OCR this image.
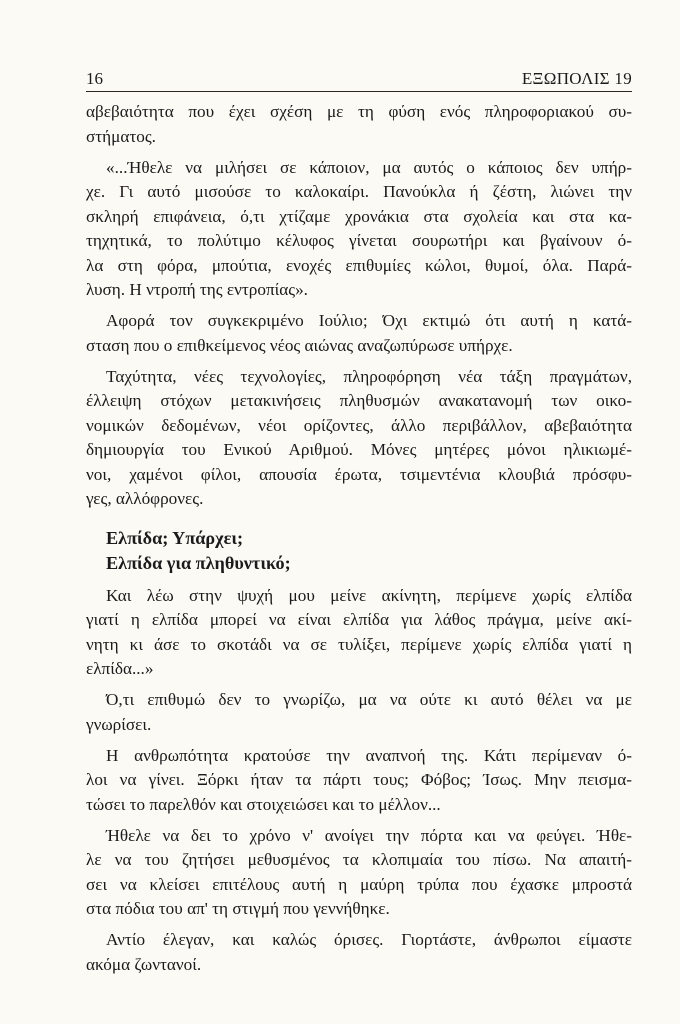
16	ΕΞΩΠΟΛΙΣ 19
αβεβαιότητα που έχει σχέση με τη φύση ενός πληροφοριακού συ-
στήματος.
«...Ήθελε να μιλήσει σε κάποιον, μα αυτός ο κάποιος δεν υπήρ-
χε. Γι αυτό μισούσε το καλοκαίρι. Πανούκλα ή ζέστη, λιώνει την
σκληρή επιφάνεια, ό,τι χτίζαμε χρονάκια στα σχολεία και στα κα-
τηχητικά, το πολύτιμο κέλυφος γίνεται σουρωτήρι και βγαίνουν ό-
λα στη φόρα, μπούτια, ενοχές επιθυμίες κώλοι, θυμοί, όλα. Παρά-
λυση. Η ντροπή της εντροπίας».
Αφορά τον συγκεκριμένο Ιούλιο; Όχι εκτιμώ ότι αυτή η κατά-
σταση που ο επιθκείμενος νέος αιώνας αναζωπύρωσε υπήρχε.
Ταχύτητα, νέες τεχνολογίες, πληροφόρηση νέα τάξη πραγμάτων,
έλλειψη στόχων μετακινήσεις πληθυσμών ανακατανομή των οικο-
νομικών δεδομένων, νέοι ορίζοντες, άλλο περιβάλλον, αβεβαιότητα
δημιουργία του Ενικού Αριθμού. Μόνες μητέρες μόνοι ηλικιωμέ-
νοι, χαμένοι φίλοι, απουσία έρωτα, τσιμεντένια κλουβιά πρόσφυ-
γες, αλλόφρονες.
Ελπίδα; Υπάρχει;
Ελπίδα για πληθυντικό;
Και λέω στην ψυχή μου μείνε ακίνητη, περίμενε χωρίς ελπίδα
γιατί η ελπίδα μπορεί να είναι ελπίδα για λάθος πράγμα, μείνε ακί-
νητη κι άσε το σκοτάδι να σε τυλίξει, περίμενε χωρίς ελπίδα γιατί η
ελπίδα...»
Ό,τι επιθυμώ δεν το γνωρίζω, μα να ούτε κι αυτό θέλει να με
γνωρίσει.
Η ανθρωπότητα κρατούσε την αναπνοή της. Κάτι περίμεναν ό-
λοι να γίνει. Ξόρκι ήταν τα πάρτι τους; Φόβος; Ίσως. Μην πεισμα-
τώσει το παρελθόν και στοιχειώσει και το μέλλον...
Ήθελε να δει το χρόνο ν' ανοίγει την πόρτα και να φεύγει. Ήθε-
λε να του ζητήσει μεθυσμένος τα κλοπιμαία του πίσω. Να απαιτή-
σει να κλείσει επιτέλους αυτή η μαύρη τρύπα που έχασκε μπροστά
στα πόδια του απ' τη στιγμή που γεννήθηκε.
Αντίο έλεγαν, και καλώς όρισες. Γιορτάστε, άνθρωποι είμαστε
ακόμα ζωντανοί.
